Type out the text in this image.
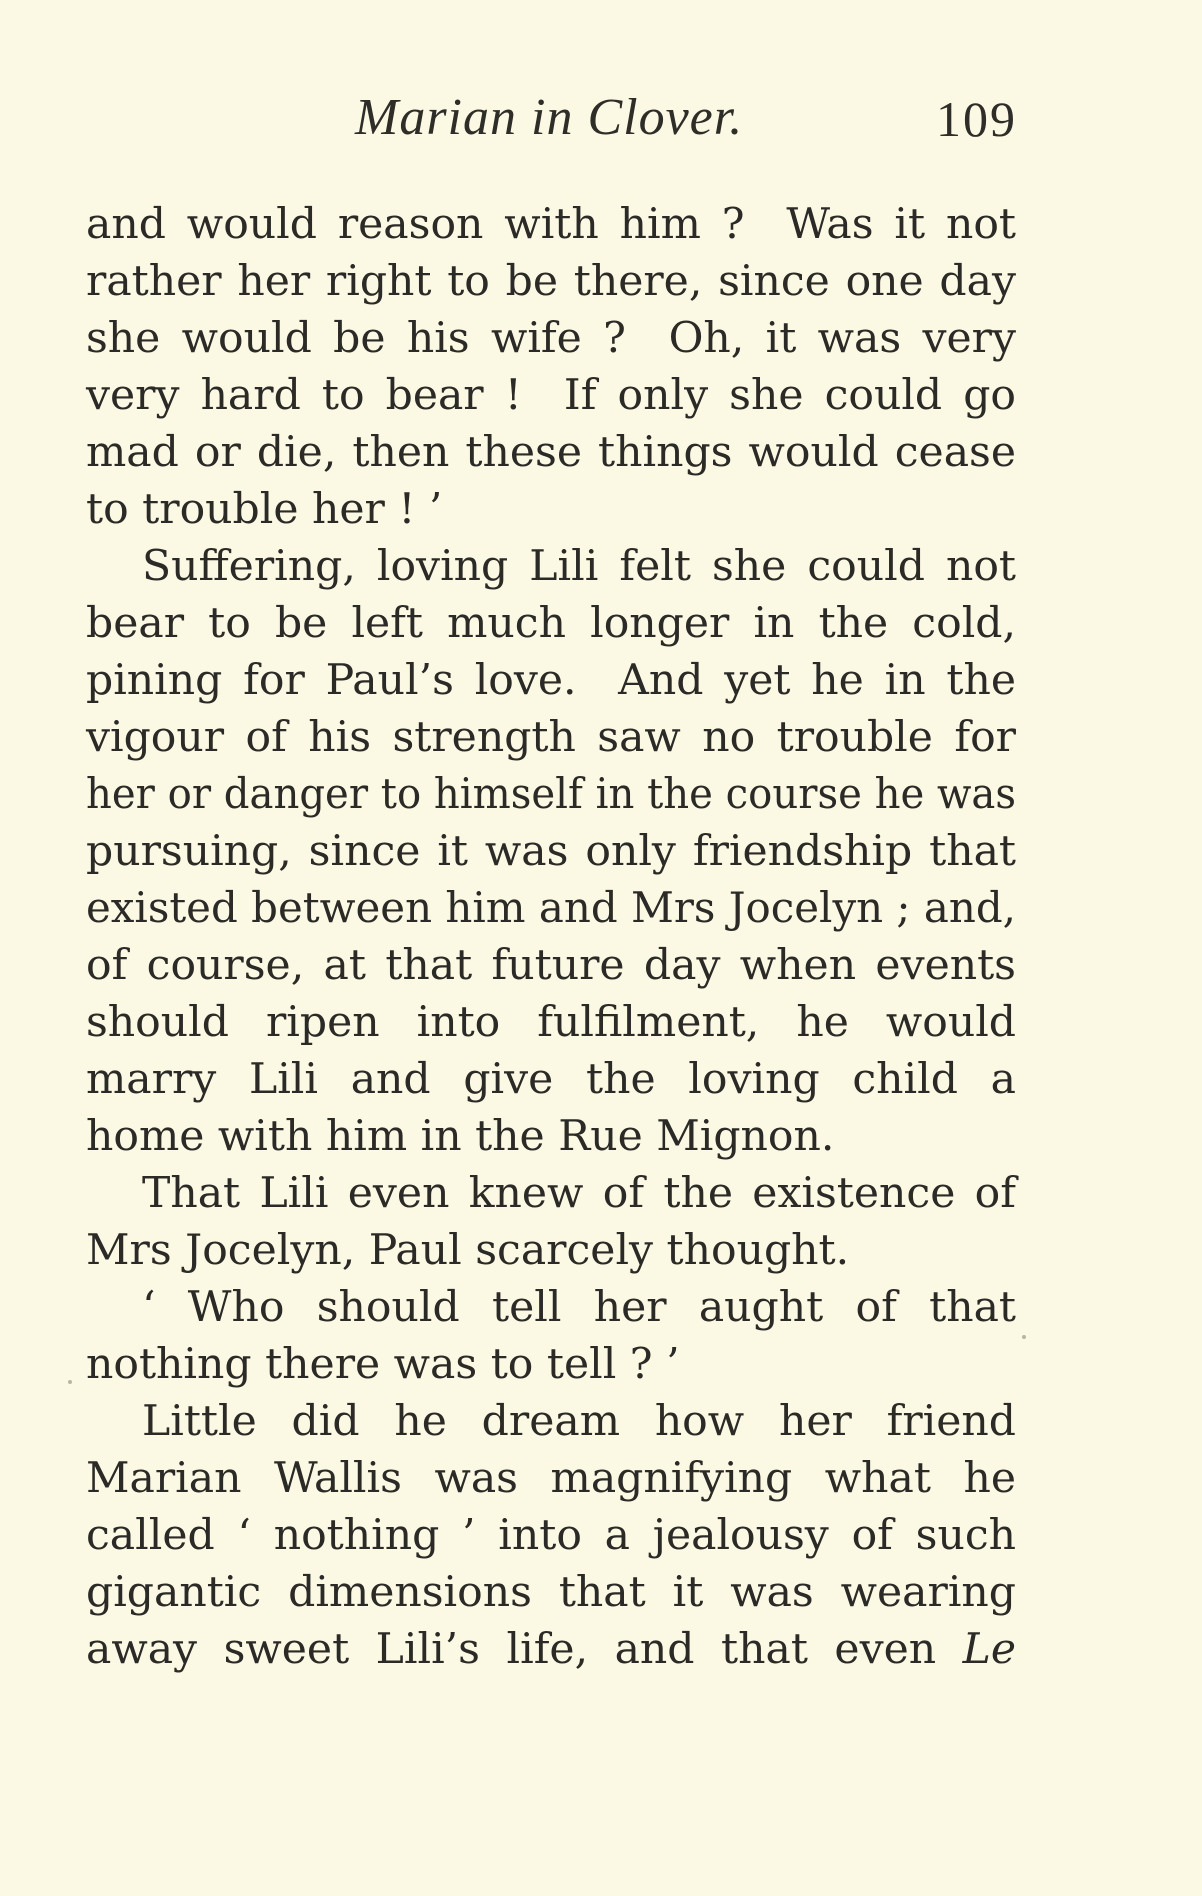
Marian in Clover.	109
and would reason with him ?  Was it not
rather her right to be there, since one day
she would be his wife ?  Oh, it was very
very hard to bear !  If only she could go
mad or die, then these things would cease
to trouble her ! ’
Suffering, loving Lili felt she could not
bear to be left much longer in the cold,
pining for Paul’s love.  And yet he in the
vigour of his strength saw no trouble for
her or danger to himself in the course he was
pursuing, since it was only friendship that
existed between him and Mrs Jocelyn ; and,
of course, at that future day when events
should ripen into fulfilment, he would
marry Lili and give the loving child a
home with him in the Rue Mignon.
That Lili even knew of the existence of
Mrs Jocelyn, Paul scarcely thought.
‘ Who should tell her aught of that
nothing there was to tell ? ’
Little did he dream how her friend
Marian Wallis was magnifying what he
called ‘ nothing ’ into a jealousy of such
gigantic dimensions that it was wearing
away sweet Lili’s life, and that even Le
